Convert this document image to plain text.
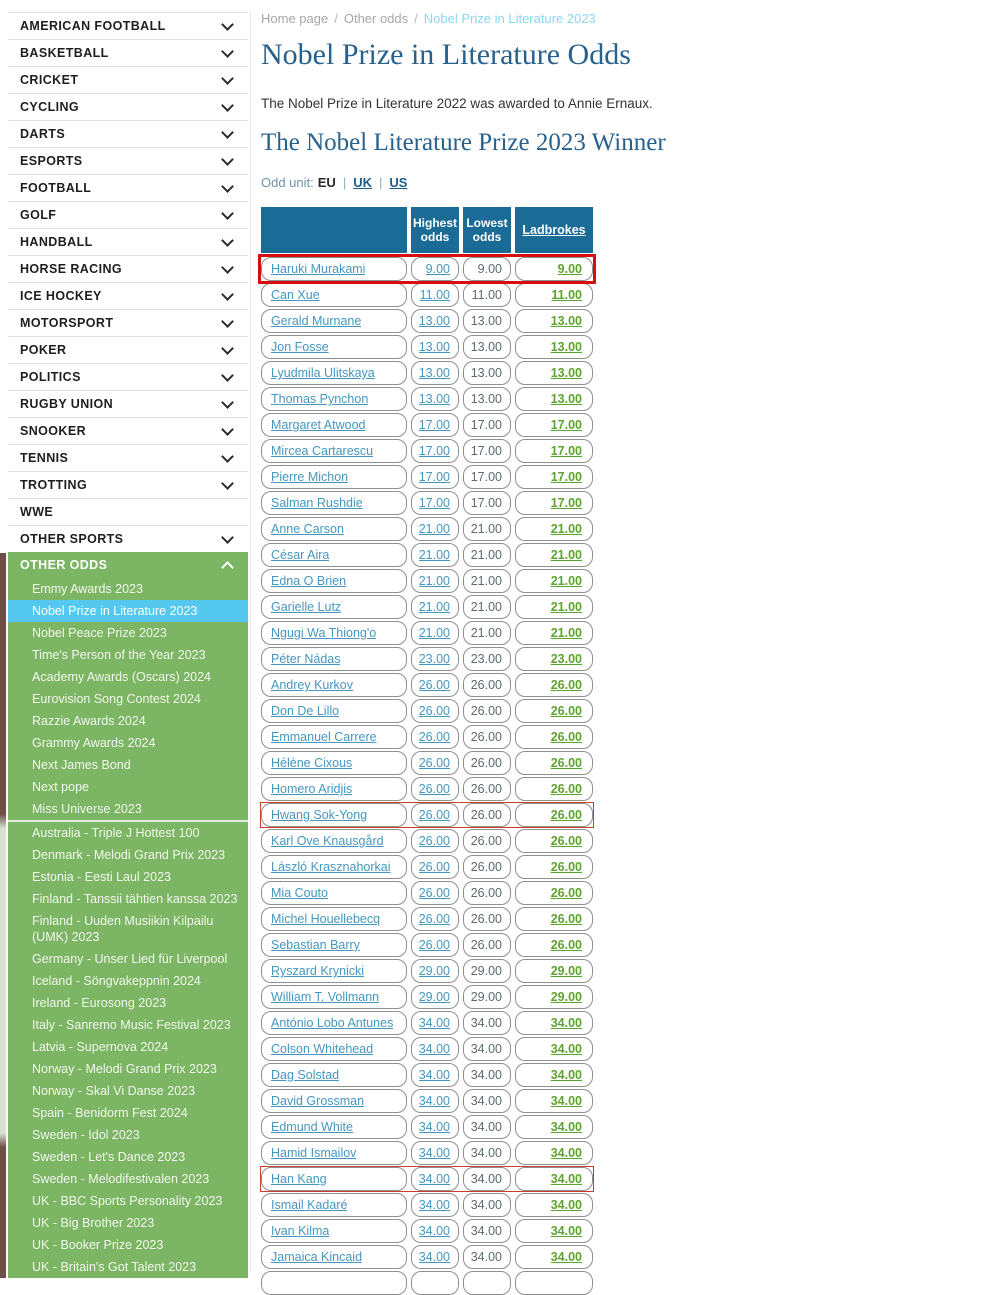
AMERICAN FOOTBALL
BASKETBALL
CRICKET
CYCLING
DARTS
ESPORTS
FOOTBALL
GOLF
HANDBALL
HORSE RACING
ICE HOCKEY
MOTORSPORT
POKER
POLITICS
RUGBY UNION
SNOOKER
TENNIS
TROTTING
WWE
OTHER SPORTS
OTHER ODDS
Emmy Awards 2023
Nobel Prize in Literature 2023
Nobel Peace Prize 2023
Time's Person of the Year 2023
Academy Awards (Oscars) 2024
Eurovision Song Contest 2024
Razzie Awards 2024
Grammy Awards 2024
Next James Bond
Next pope
Miss Universe 2023
Australia - Triple J Hottest 100
Denmark - Melodi Grand Prix 2023
Estonia - Eesti Laul 2023
Finland - Tanssii tähtien kanssa 2023
Finland - Uuden Musiikin Kilpailu (UMK) 2023
Germany - Unser Lied für Liverpool
Iceland - Söngvakeppnin 2024
Ireland - Eurosong 2023
Italy - Sanremo Music Festival 2023
Latvia - Supernova 2024
Norway - Melodi Grand Prix 2023
Norway - Skal Vi Danse 2023
Spain - Benidorm Fest 2024
Sweden - Idol 2023
Sweden - Let's Dance 2023
Sweden - Melodifestivalen 2023
UK - BBC Sports Personality 2023
UK - Big Brother 2023
UK - Booker Prize 2023
UK - Britain's Got Talent 2023
Home page / Other odds / Nobel Prize in Literature 2023
Nobel Prize in Literature Odds

The Nobel Prize in Literature 2022 was awarded to Annie Ernaux.

The Nobel Literature Prize 2023 Winner
Odd unit: EU | UK | US
Highest odds
Lowest odds	Ladbrokes
Haruki Murakami	9.00 9.00	9.00
Can Xue	11.00 11.00	11.00
Gerald Murnane	13.00 13.00	13.00
Jon Fosse	13.00 13.00	13.00
Lyudmila Ulitskaya	13.00 13.00	13.00
Thomas Pynchon	13.00 13.00	13.00
Margaret Atwood	17.00 17.00	17.00
Mircea Cartarescu	17.00 17.00	17.00
Pierre Michon	17.00 17.00	17.00
Salman Rushdie	17.00 17.00	17.00
Anne Carson	21.00 21.00	21.00
César Aira	21.00 21.00	21.00
Edna O Brien	21.00 21.00	21.00
Garielle Lutz	21.00 21.00	21.00
Ngugi Wa Thiong'o	21.00 21.00	21.00
Péter Nádas	23.00 23.00	23.00
Andrey Kurkov	26.00 26.00	26.00
Don De Lillo	26.00 26.00	26.00
Emmanuel Carrere	26.00 26.00	26.00
Hélène Cixous	26.00 26.00	26.00
Homero Aridjis	26.00 26.00	26.00
Hwang Sok-Yong	26.00 26.00	26.00
Karl Ove Knausgård	26.00 26.00	26.00
László Krasznahorkai 26.00 26.00	26.00
Mia Couto	26.00 26.00	26.00
Michel Houellebecq	26.00 26.00	26.00
Sebastian Barry	26.00 26.00	26.00
Ryszard Krynicki	29.00 29.00	29.00
William T. Vollmann	29.00 29.00	29.00
António Lobo Antunes 34.00 34.00	34.00
Colson Whitehead	34.00 34.00	34.00
Dag Solstad	34.00 34.00	34.00
David Grossman	34.00 34.00	34.00
Edmund White	34.00 34.00	34.00
Hamid Ismailov	34.00 34.00	34.00
Han Kang	34.00 34.00	34.00
Ismail Kadaré	34.00 34.00	34.00
Ivan Kilma	34.00 34.00	34.00
Jamaica Kincaid	34.00 34.00	34.00
